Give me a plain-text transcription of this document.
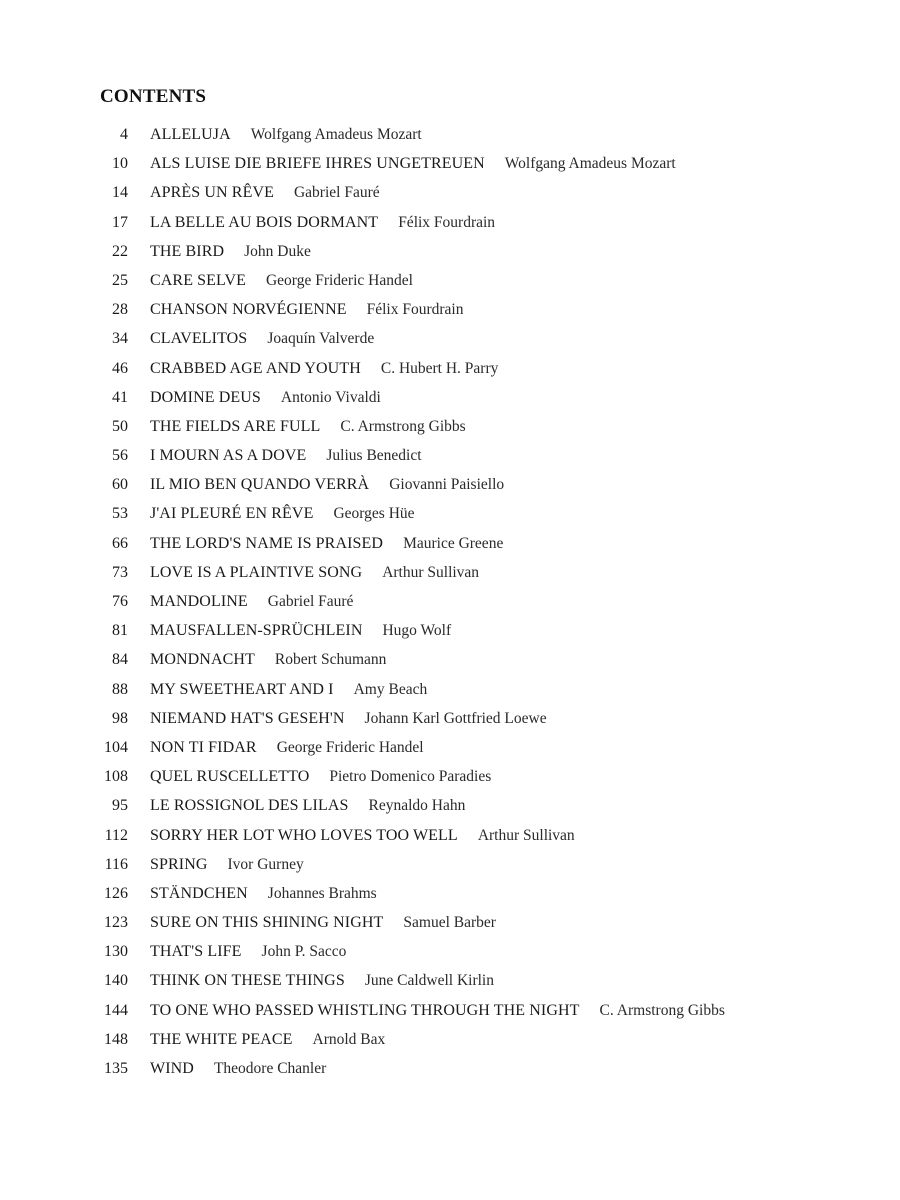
CONTENTS
4 ALLELUJA Wolfgang Amadeus Mozart
10 ALS LUISE DIE BRIEFE IHRES UNGETREUEN Wolfgang Amadeus Mozart
14 APRÈS UN RÊVE Gabriel Fauré
17 LA BELLE AU BOIS DORMANT Félix Fourdrain
22 THE BIRD John Duke
25 CARE SELVE George Frideric Handel
28 CHANSON NORVÉGIENNE Félix Fourdrain
34 CLAVELITOS Joaquín Valverde
46 CRABBED AGE AND YOUTH C. Hubert H. Parry
41 DOMINE DEUS Antonio Vivaldi
50 THE FIELDS ARE FULL C. Armstrong Gibbs
56 I MOURN AS A DOVE Julius Benedict
60 IL MIO BEN QUANDO VERRÀ Giovanni Paisiello
53 J'AI PLEURÉ EN RÊVE Georges Hüe
66 THE LORD'S NAME IS PRAISED Maurice Greene
73 LOVE IS A PLAINTIVE SONG Arthur Sullivan
76 MANDOLINE Gabriel Fauré
81 MAUSFALLEN-SPRÜCHLEIN Hugo Wolf
84 MONDNACHT Robert Schumann
88 MY SWEETHEART AND I Amy Beach
98 NIEMAND HAT'S GESEH'N Johann Karl Gottfried Loewe
104 NON TI FIDAR George Frideric Handel
108 QUEL RUSCELLETTO Pietro Domenico Paradies
95 LE ROSSIGNOL DES LILAS Reynaldo Hahn
112 SORRY HER LOT WHO LOVES TOO WELL Arthur Sullivan
116 SPRING Ivor Gurney
126 STÄNDCHEN Johannes Brahms
123 SURE ON THIS SHINING NIGHT Samuel Barber
130 THAT'S LIFE John P. Sacco
140 THINK ON THESE THINGS June Caldwell Kirlin
144 TO ONE WHO PASSED WHISTLING THROUGH THE NIGHT C. Armstrong Gibbs
148 THE WHITE PEACE Arnold Bax
135 WIND Theodore Chanler
